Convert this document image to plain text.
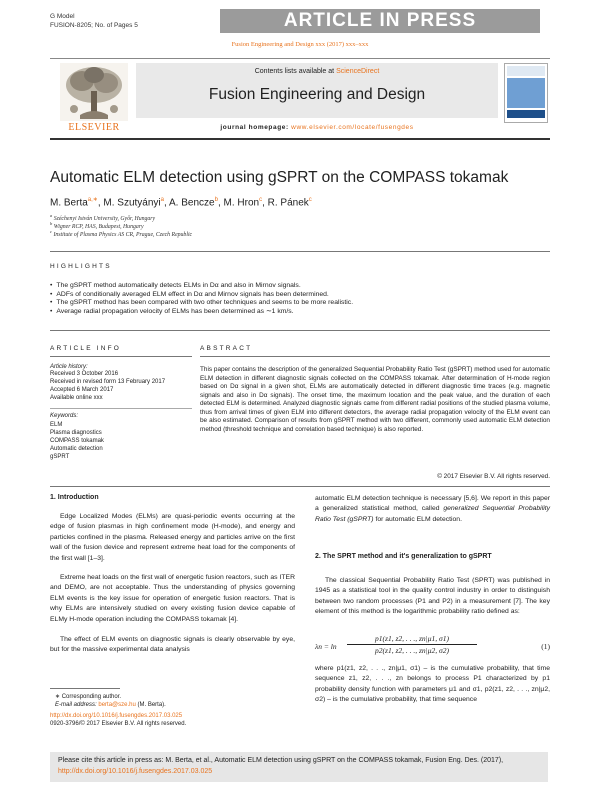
G Model
FUSION-8205; No. of Pages 5	ARTICLE IN PRESS
Fusion Engineering and Design xxx (2017) xxx–xxx
ELSEVIER
Contents lists available at ScienceDirect
Fusion Engineering and Design
journal homepage: www.elsevier.com/locate/fusengdes
Automatic ELM detection using gSPRT on the COMPASS tokamak
M. Berta$^{a,∗}$, M. Szutyányi$^a$, A. Bencze$^b$, M. Hron$^c$, R. Pánek$^c$
$^a$ Széchenyi István University, Győr, Hungary
$^b$ Wigner RCP, HAS, Budapest, Hungary
$^c$ Institute of Plasma Physics AS CR, Prague, Czech Republic
HIGHLIGHTS
• The gSPRT method automatically detects ELMs in Dα and also in Mirnov signals.
• ADFs of conditionally averaged ELM effect in Dα and Mirnov signals has been determined.
• The gSPRT method has been compared with two other techniques and seems to be more realistic.
• Average radial propagation velocity of ELMs has been determined as ∼1 km/s.
ARTICLE INFO	ABSTRACT
Article history:
Received 3 October 2016
Received in revised form 13 February 2017
Accepted 6 March 2017
Available online xxx
Keywords:
ELM
Plasma diagnostics
COMPASS tokamak
Automatic detection
gSPRT

This paper contains the description of the generalized Sequential Probability Ratio Test (gSPRT) method used for automatic ELM detection in different diagnostic signals collected on the COMPASS tokamak. After determination of H-mode region based on Dα signal in a given shot, ELMs are automatically detected in different diagnostic time traces (e.g. magnetic signals and also in Dα signals). The onset time, the maximum location and the peak value, and the duration of each detected ELM is determined. Analyzed diagnostic signals came from different radial positions of the studied plasma volume, thus from arrival times of given ELM into different detectors, the average radial propagation velocity of the ELM event can be also estimated. Comparison of results from gSPRT method with two different, commonly used automatic ELM detection method (threshold technique and correlation based technique) is also reported.

© 2017 Elsevier B.V. All rights reserved.
1. Introduction

Edge Localized Modes (ELMs) are quasi-periodic events occurring at the edge of fusion plasmas in high confinement mode (H-mode), and energy and particles confined in the plasma. Released energy and particles arrive on the first wall of the fusion device and represent extreme heat load for the components of the first wall [1–3].

Extreme heat loads on the first wall of energetic fusion reactors, such as ITER and DEMO, are not acceptable. Thus the understanding of physics governing ELM events is the key issue for operation of energetic fusion reactors. That is why ELMs are intensively studied on every existing fusion device capable of ELMy H-mode operation including the COMPASS tokamak [4].

The effect of ELM events on diagnostic signals is clearly observable by eye, but for the massive experimental data analysis

∗ Corresponding author.
E-mail address: berta@sze.hu (M. Berta).
http://dx.doi.org/10.1016/j.fusengdes.2017.03.025
0920-3796/© 2017 Elsevier B.V. All rights reserved.

automatic ELM detection technique is necessary [5,6]. We report in this paper a generalized statistical method, called generalized Sequential Probability Ratio Test (gSPRT) for automatic ELM detection.

2. The SPRT method and it's generalization to gSPRT

The classical Sequential Probability Ratio Test (SPRT) was published in 1945 as a statistical tool in the quality control industry in order to distinguish between two random processes (P1 and P2) in a measurement [7]. The key element of this method is the logarithmic probability ratio defined as:

$\lambda n = \ln \frac{p1(z1, z2, . . ., zn|\mu 1, \sigma 1)}{p2(z1, z2, . . ., zn|\mu 2, \sigma 2)}$	(1)

where p1(z1, z2, . . ., zn|μ1, σ1) – is the cumulative probability, that time sequence z1, z2, . . ., zn belongs to process P1 characterized by p1 probability density function with parameters μ1 and σ1, p2(z1, z2, . . ., zn|μ2, σ2) – is the cumulative probability, that time sequence

Please cite this article in press as: M. Berta, et al., Automatic ELM detection using gSPRT on the COMPASS tokamak, Fusion Eng. Des. (2017), http://dx.doi.org/10.1016/j.fusengdes.2017.03.025
